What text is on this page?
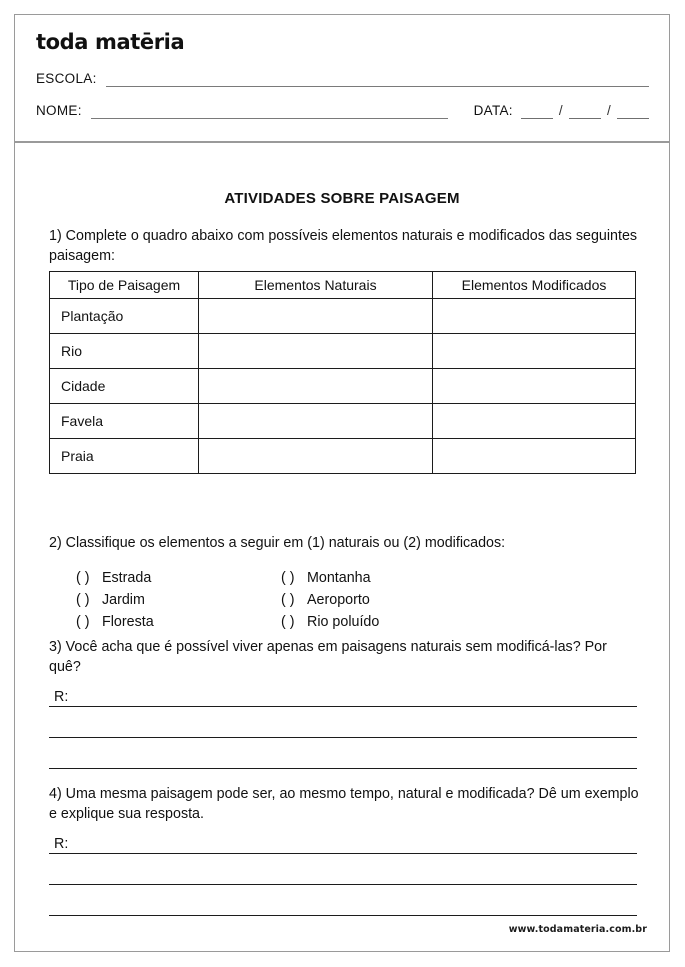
toda matēria
ESCOLA:
NOME:	DATA:	/	/
ATIVIDADES SOBRE PAISAGEM
1) Complete o quadro abaixo com possíveis elementos naturais e modificados das seguintes paisagem:
Tipo de Paisagem	Elementos Naturais	Elementos Modificados
Plantação		
Rio		
Cidade		
Favela		
Praia		
2) Classifique os elementos a seguir em (1) naturais ou (2) modificados:
( ) Estrada
( ) Jardim
( ) Floresta
( ) Montanha
( ) Aeroporto
( ) Rio poluído
3) Você acha que é possível viver apenas em paisagens naturais sem modificá-las? Por quê?
R:
4) Uma mesma paisagem pode ser, ao mesmo tempo, natural e modificada? Dê um exemplo e explique sua resposta.
R:
www.todamateria.com.br
